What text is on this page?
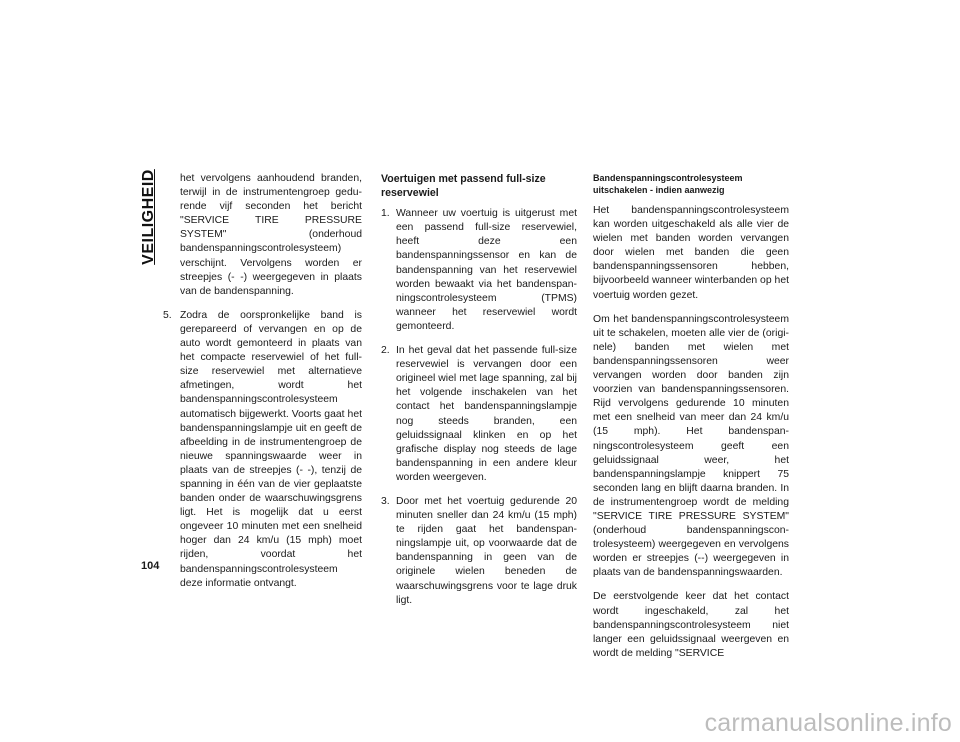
VEILIGHEID
104

het vervolgens aanhoudend branden, terwijl in de instrumentengroep gedurende vijf seconden het bericht "SERVICE TIRE PRESSURE SYSTEM" (onderhoud bandenspanningscontrolesysteem) verschijnt. Vervolgens worden er streepjes (- -) weergegeven in plaats van de bandenspanning.

5. Zodra de oorspronkelijke band is gerepareerd of vervangen en op de auto wordt gemonteerd in plaats van het compacte reservewiel of het full-size reservewiel met alternatieve afmetingen, wordt het bandenspanningscontrolesysteem automatisch bijgewerkt. Voorts gaat het bandenspanningslampje uit en geeft de afbeelding in de instrumentengroep de nieuwe spanningswaarde weer in plaats van de streepjes (- -), tenzij de spanning in één van de vier geplaatste banden onder de waarschuwingsgrens ligt. Het is mogelijk dat u eerst ongeveer 10 minuten met een snelheid hoger dan 24 km/u (15 mph) moet rijden, voordat het bandenspanningscontrolesysteem deze informatie ontvangt.
Voertuigen met passend full-size reservewiel
1. Wanneer uw voertuig is uitgerust met een passend full-size reservewiel, heeft deze een bandenspanningssensor en kan de bandenspanning van het reservewiel worden bewaakt via het bandenspanningscontrolesysteem (TPMS) wanneer het reservewiel wordt gemonteerd.
2. In het geval dat het passende full-size reservewiel is vervangen door een origineel wiel met lage spanning, zal bij het volgende inschakelen van het contact het bandenspanningslampje nog steeds branden, een geluidssignaal klinken en op het grafische display nog steeds de lage bandenspanning in een andere kleur worden weergeven.
3. Door met het voertuig gedurende 20 minuten sneller dan 24 km/u (15 mph) te rijden gaat het bandenspanningslampje uit, op voorwaarde dat de bandenspanning in geen van de originele wielen beneden de waarschuwingsgrens voor te lage druk ligt.
Bandenspanningscontrolesysteem uitschakelen - indien aanwezig

Het bandenspanningscontrolesysteem kan worden uitgeschakeld als alle vier de wielen met banden worden vervangen door wielen met banden die geen bandenspanningssensoren hebben, bijvoorbeeld wanneer winterbanden op het voertuig worden gezet.

Om het bandenspanningscontrolesysteem uit te schakelen, moeten alle vier de (originele) banden met wielen met bandenspanningssensoren weer vervangen worden door banden zijn voorzien van bandenspanningssensoren. Rijd vervolgens gedurende 10 minuten met een snelheid van meer dan 24 km/u (15 mph). Het bandenspanningscontrolesysteem geeft een geluidssignaal weer, het bandenspanningslampje knippert 75 seconden lang en blijft daarna branden. In de instrumentengroep wordt de melding "SERVICE TIRE PRESSURE SYSTEM" (onderhoud bandenspanningscontrolesysteem) weergegeven en vervolgens worden er streepjes (--) weergegeven in plaats van de bandenspanningswaarden.

De eerstvolgende keer dat het contact wordt ingeschakeld, zal het bandenspanningscontrolesysteem niet langer een geluidssignaal weergeven en wordt de melding "SERVICE

carmanualsonline.info
